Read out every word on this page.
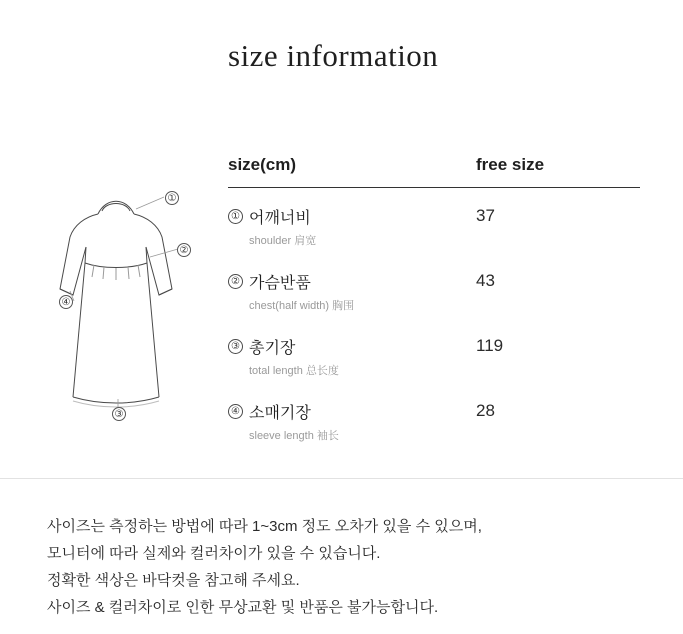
size information
①
②
③
④
size(cm)	free size
① 어깨너비
shoulder 肩宽
37
② 가슴반품
chest(half width) 胸围
43
③ 총기장
total length 总长度
119
④ 소매기장
sleeve length 袖长
28
사이즈는 측정하는 방법에 따라 1~3cm 정도 오차가 있을 수 있으며,
모니터에 따라 실제와 컬러차이가 있을 수 있습니다.
정확한 색상은 바닥컷을 참고해 주세요.
사이즈 & 컬러차이로 인한 무상교환 및 반품은 불가능합니다.
